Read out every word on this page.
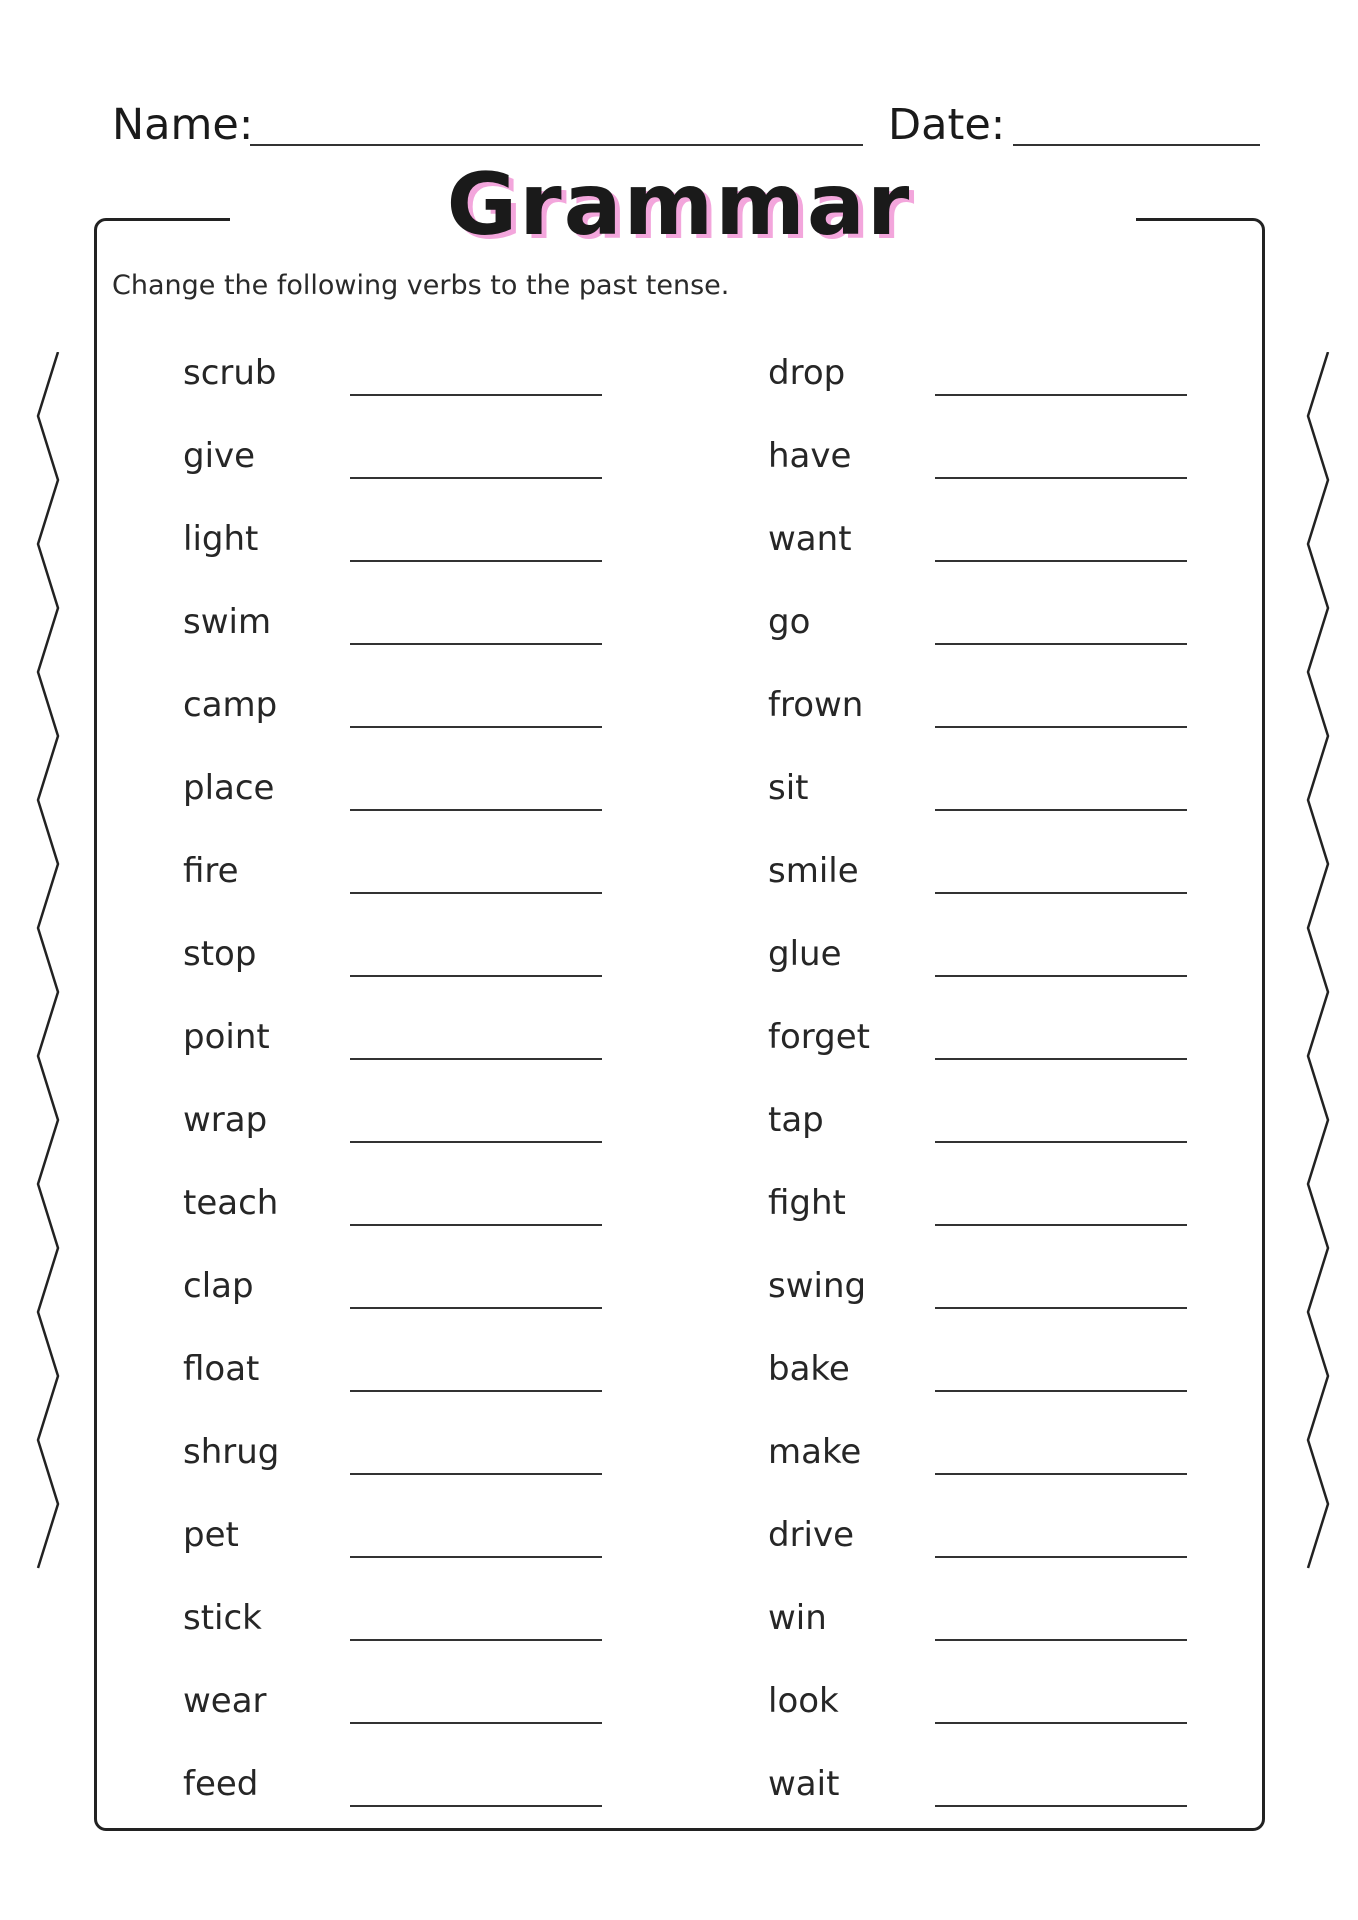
Name:	Date:
Grammar
Change the following verbs to the past tense.
scrub
give
light
swim
camp
place
fire
stop
point
wrap
teach
clap
float
shrug
pet
stick
wear
feed
drop
have
want
go
frown
sit
smile
glue
forget
tap
fight
swing
bake
make
drive
win
look
wait
